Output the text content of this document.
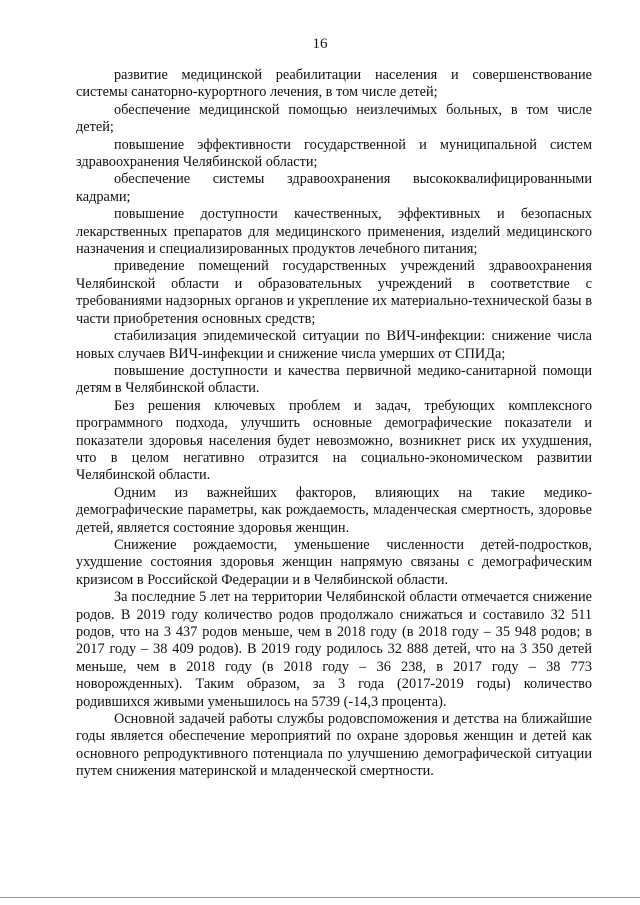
16

развитие медицинской реабилитации населения и совершенствование системы санаторно-курортного лечения, в том числе детей;

обеспечение медицинской помощью неизлечимых больных, в том числе детей;

повышение эффективности государственной и муниципальной систем здравоохранения Челябинской области;

обеспечение системы здравоохранения высококвалифицированными кадрами;

повышение доступности качественных, эффективных и безопасных лекарственных препаратов для медицинского применения, изделий медицинского назначения и специализированных продуктов лечебного питания;

приведение помещений государственных учреждений здравоохранения Челябинской области и образовательных учреждений в соответствие с требованиями надзорных органов и укрепление их материально-технической базы в части приобретения основных средств;

стабилизация эпидемической ситуации по ВИЧ-инфекции: снижение числа новых случаев ВИЧ-инфекции и снижение числа умерших от СПИДа;

повышение доступности и качества первичной медико-санитарной помощи детям в Челябинской области.

Без решения ключевых проблем и задач, требующих комплексного программного подхода, улучшить основные демографические показатели и показатели здоровья населения будет невозможно, возникнет риск их ухудшения, что в целом негативно отразится на социально-экономическом развитии Челябинской области.

Одним из важнейших факторов, влияющих на такие медико-демографические параметры, как рождаемость, младенческая смертность, здоровье детей, является состояние здоровья женщин.

Снижение рождаемости, уменьшение численности детей-подростков, ухудшение состояния здоровья женщин напрямую связаны с демографическим кризисом в Российской Федерации и в Челябинской области.

За последние 5 лет на территории Челябинской области отмечается снижение родов. В 2019 году количество родов продолжало снижаться и составило 32 511 родов, что на 3 437 родов меньше, чем в 2018 году (в 2018 году – 35 948 родов; в 2017 году – 38 409 родов). В 2019 году родилось 32 888 детей, что на 3 350 детей меньше, чем в 2018 году (в 2018 году – 36 238, в 2017 году – 38 773 новорожденных). Таким образом, за 3 года (2017-2019 годы) количество родившихся живыми уменьшилось на 5739 (-14,3 процента).

Основной задачей работы службы родовспоможения и детства на ближайшие годы является обеспечение мероприятий по охране здоровья женщин и детей как основного репродуктивного потенциала по улучшению демографической ситуации путем снижения материнской и младенческой смертности.
